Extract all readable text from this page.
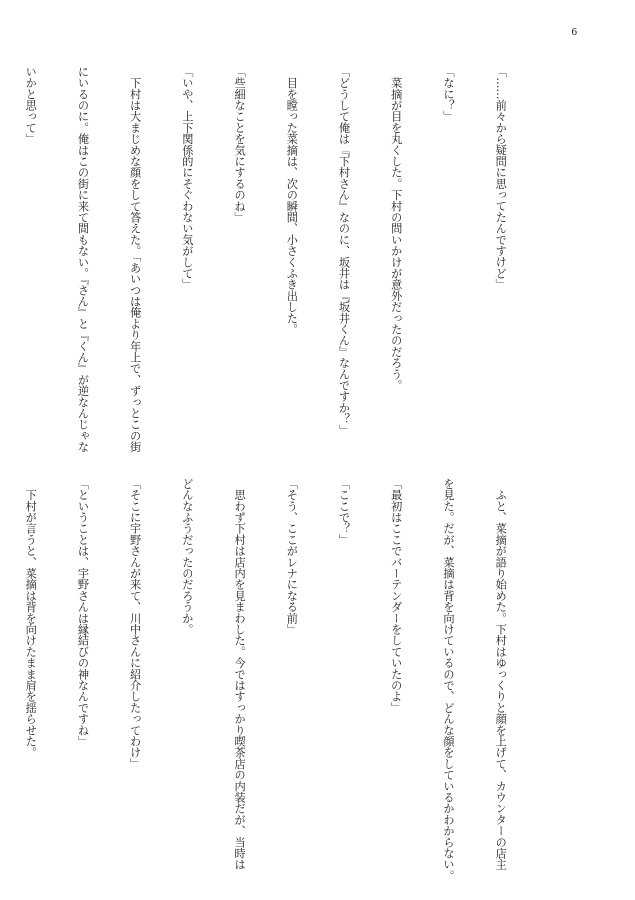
6

「……前々から疑問に思ってたんですけど」

「なに？」

　菜摘が目を丸くした。下村の問いかけが意外だったのだろう。

「どうして俺は『下村さん』なのに、坂井は『坂井くん』なんですか？」

　目を瞠った菜摘は、次の瞬間、小さくふき出した。

「些細なことを気にするのね」

「いや、上下関係的にそぐわない気がして」

　下村は大まじめな顔をして答えた。「あいつは俺より年上で、ずっとこの街

にいるのに。俺はこの街に来て間もない。『さん』と『くん』が逆なんじゃな

いかと思って」

　ふと、菜摘が語り始めた。下村はゆっくりと顔を上げて、カウンターの店主

を見た。だが、菜摘は背を向けているので、どんな顔をしているかわからない。

「最初はここでバーテンダーをしていたのよ」

「ここで？」

「そう、ここがレナになる前」

　思わず下村は店内を見まわした。今ではすっかり喫茶店の内装だが、当時は

どんなふうだったのだろうか。

「そこに宇野さんが来て、川中さんに紹介したってわけ」

「ということは、宇野さんは縁結びの神なんですね」

　下村が言うと、菜摘は背を向けたまま肩を揺らせた。
